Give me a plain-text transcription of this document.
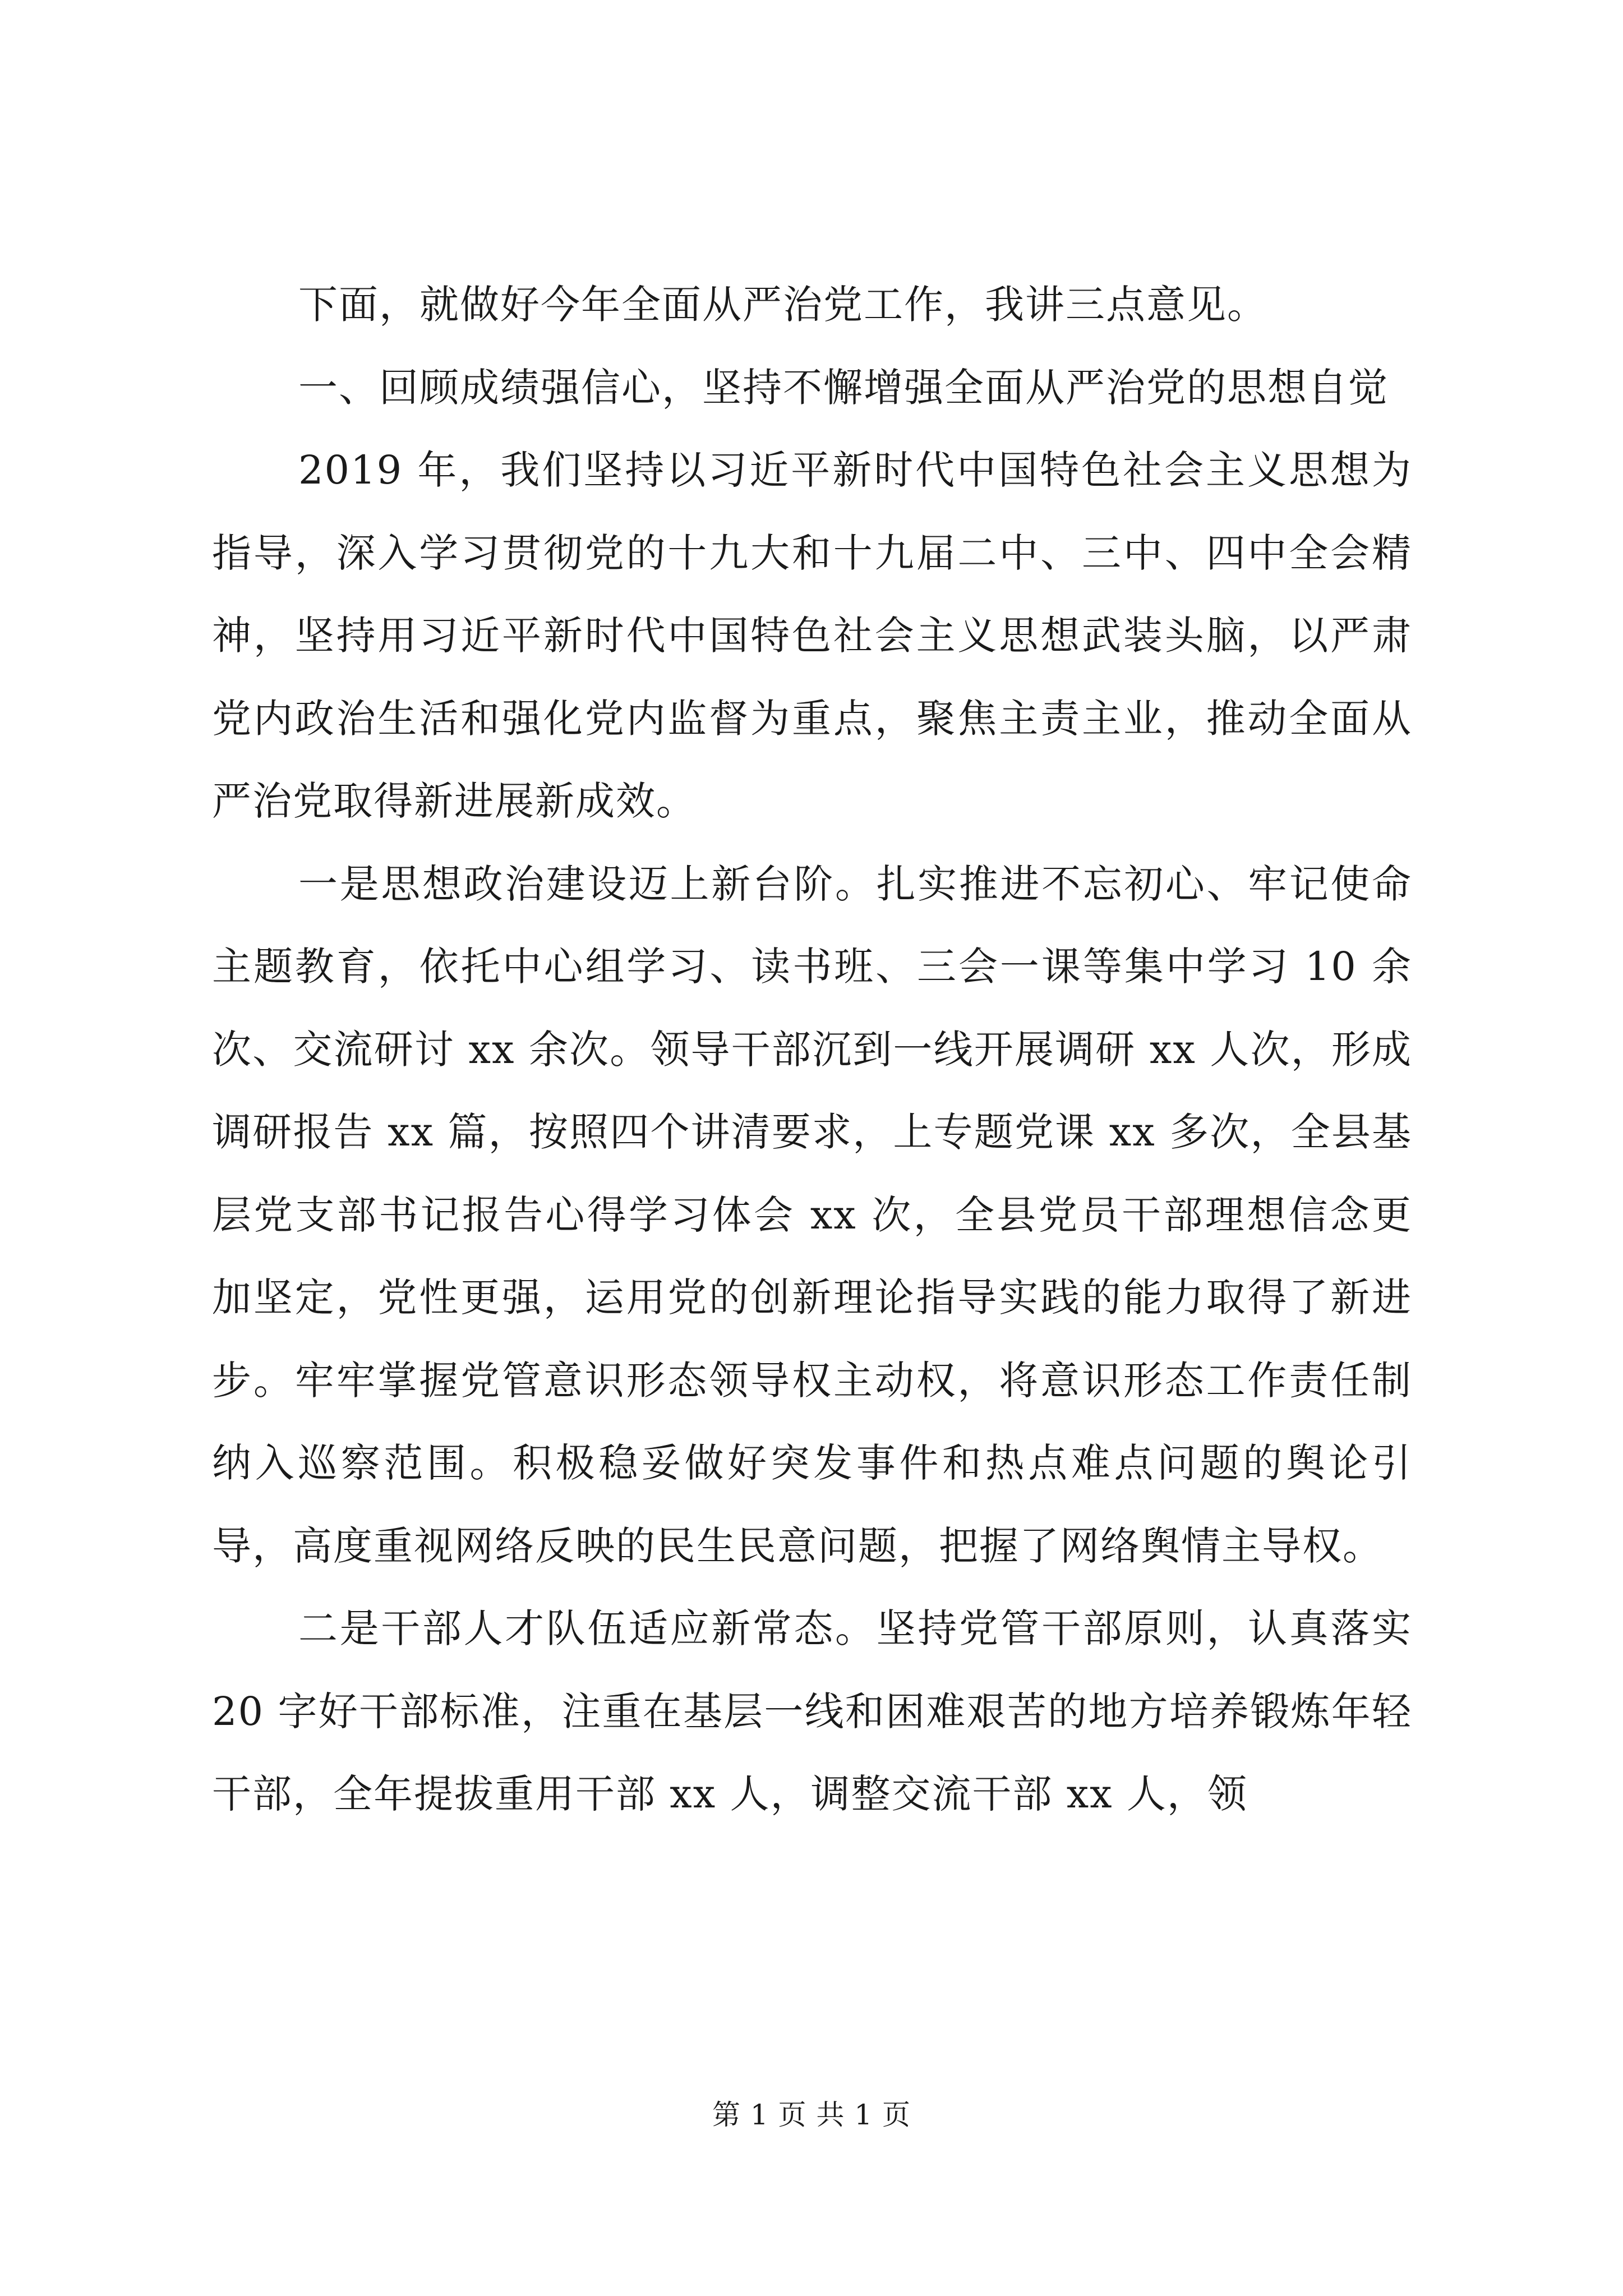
下面，就做好今年全面从严治党工作，我讲三点意见。

一、回顾成绩强信心，坚持不懈增强全面从严治党的思想自觉

2019 年，我们坚持以习近平新时代中国特色社会主义思想为指导，深入学习贯彻党的十九大和十九届二中、三中、四中全会精神，坚持用习近平新时代中国特色社会主义思想武装头脑，以严肃党内政治生活和强化党内监督为重点，聚焦主责主业，推动全面从严治党取得新进展新成效。

一是思想政治建设迈上新台阶。扎实推进不忘初心、牢记使命主题教育，依托中心组学习、读书班、三会一课等集中学习 10 余次、交流研讨 xx 余次。领导干部沉到一线开展调研 xx 人次，形成调研报告 xx 篇，按照四个讲清要求，上专题党课 xx 多次，全县基层党支部书记报告心得学习体会 xx 次，全县党员干部理想信念更加坚定，党性更强，运用党的创新理论指导实践的能力取得了新进步。牢牢掌握党管意识形态领导权主动权，将意识形态工作责任制纳入巡察范围。积极稳妥做好突发事件和热点难点问题的舆论引导，高度重视网络反映的民生民意问题，把握了网络舆情主导权。

二是干部人才队伍适应新常态。坚持党管干部原则，认真落实 20 字好干部标准，注重在基层一线和困难艰苦的地方培养锻炼年轻干部，全年提拔重用干部 xx 人，调整交流干部 xx 人，领

第 1 页 共 1 页
